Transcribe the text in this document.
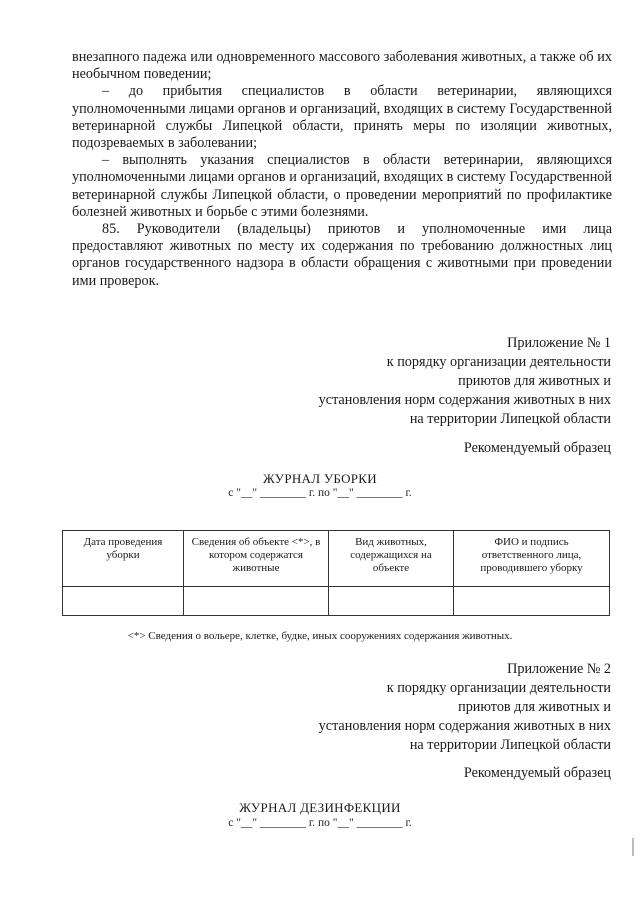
внезапного падежа или одновременного массового заболевания животных, а также об их необычном поведении;

– до прибытия специалистов в области ветеринарии, являющихся уполномоченными лицами органов и организаций, входящих в систему Государственной ветеринарной службы Липецкой области, принять меры по изоляции животных, подозреваемых в заболевании;

– выполнять указания специалистов в области ветеринарии, являющихся уполномоченными лицами органов и организаций, входящих в систему Государственной ветеринарной службы Липецкой области, о проведении мероприятий по профилактике болезней животных и борьбе с этими болезнями.

85. Руководители (владельцы) приютов и уполномоченные ими лица предоставляют животных по месту их содержания по требованию должностных лиц органов государственного надзора в области обращения с животными при проведении ими проверок.

Приложение № 1
к порядку организации деятельности
приютов для животных и
установления норм содержания животных в них
на территории Липецкой области
Рекомендуемый образец
ЖУРНАЛ УБОРКИ
с "__" ________ г. по "__" ________ г.
Дата проведения уборки	Сведения об объекте <*>, в котором содержатся животные	Вид животных, содержащихся на объекте	ФИО и подпись ответственного лица, проводившего уборку

<*> Сведения о вольере, клетке, будке, иных сооружениях содержания животных.
Приложение № 2
к порядку организации деятельности
приютов для животных и
установления норм содержания животных в них
на территории Липецкой области
Рекомендуемый образец
ЖУРНАЛ ДЕЗИНФЕКЦИИ
с "__" ________ г. по "__" ________ г.
